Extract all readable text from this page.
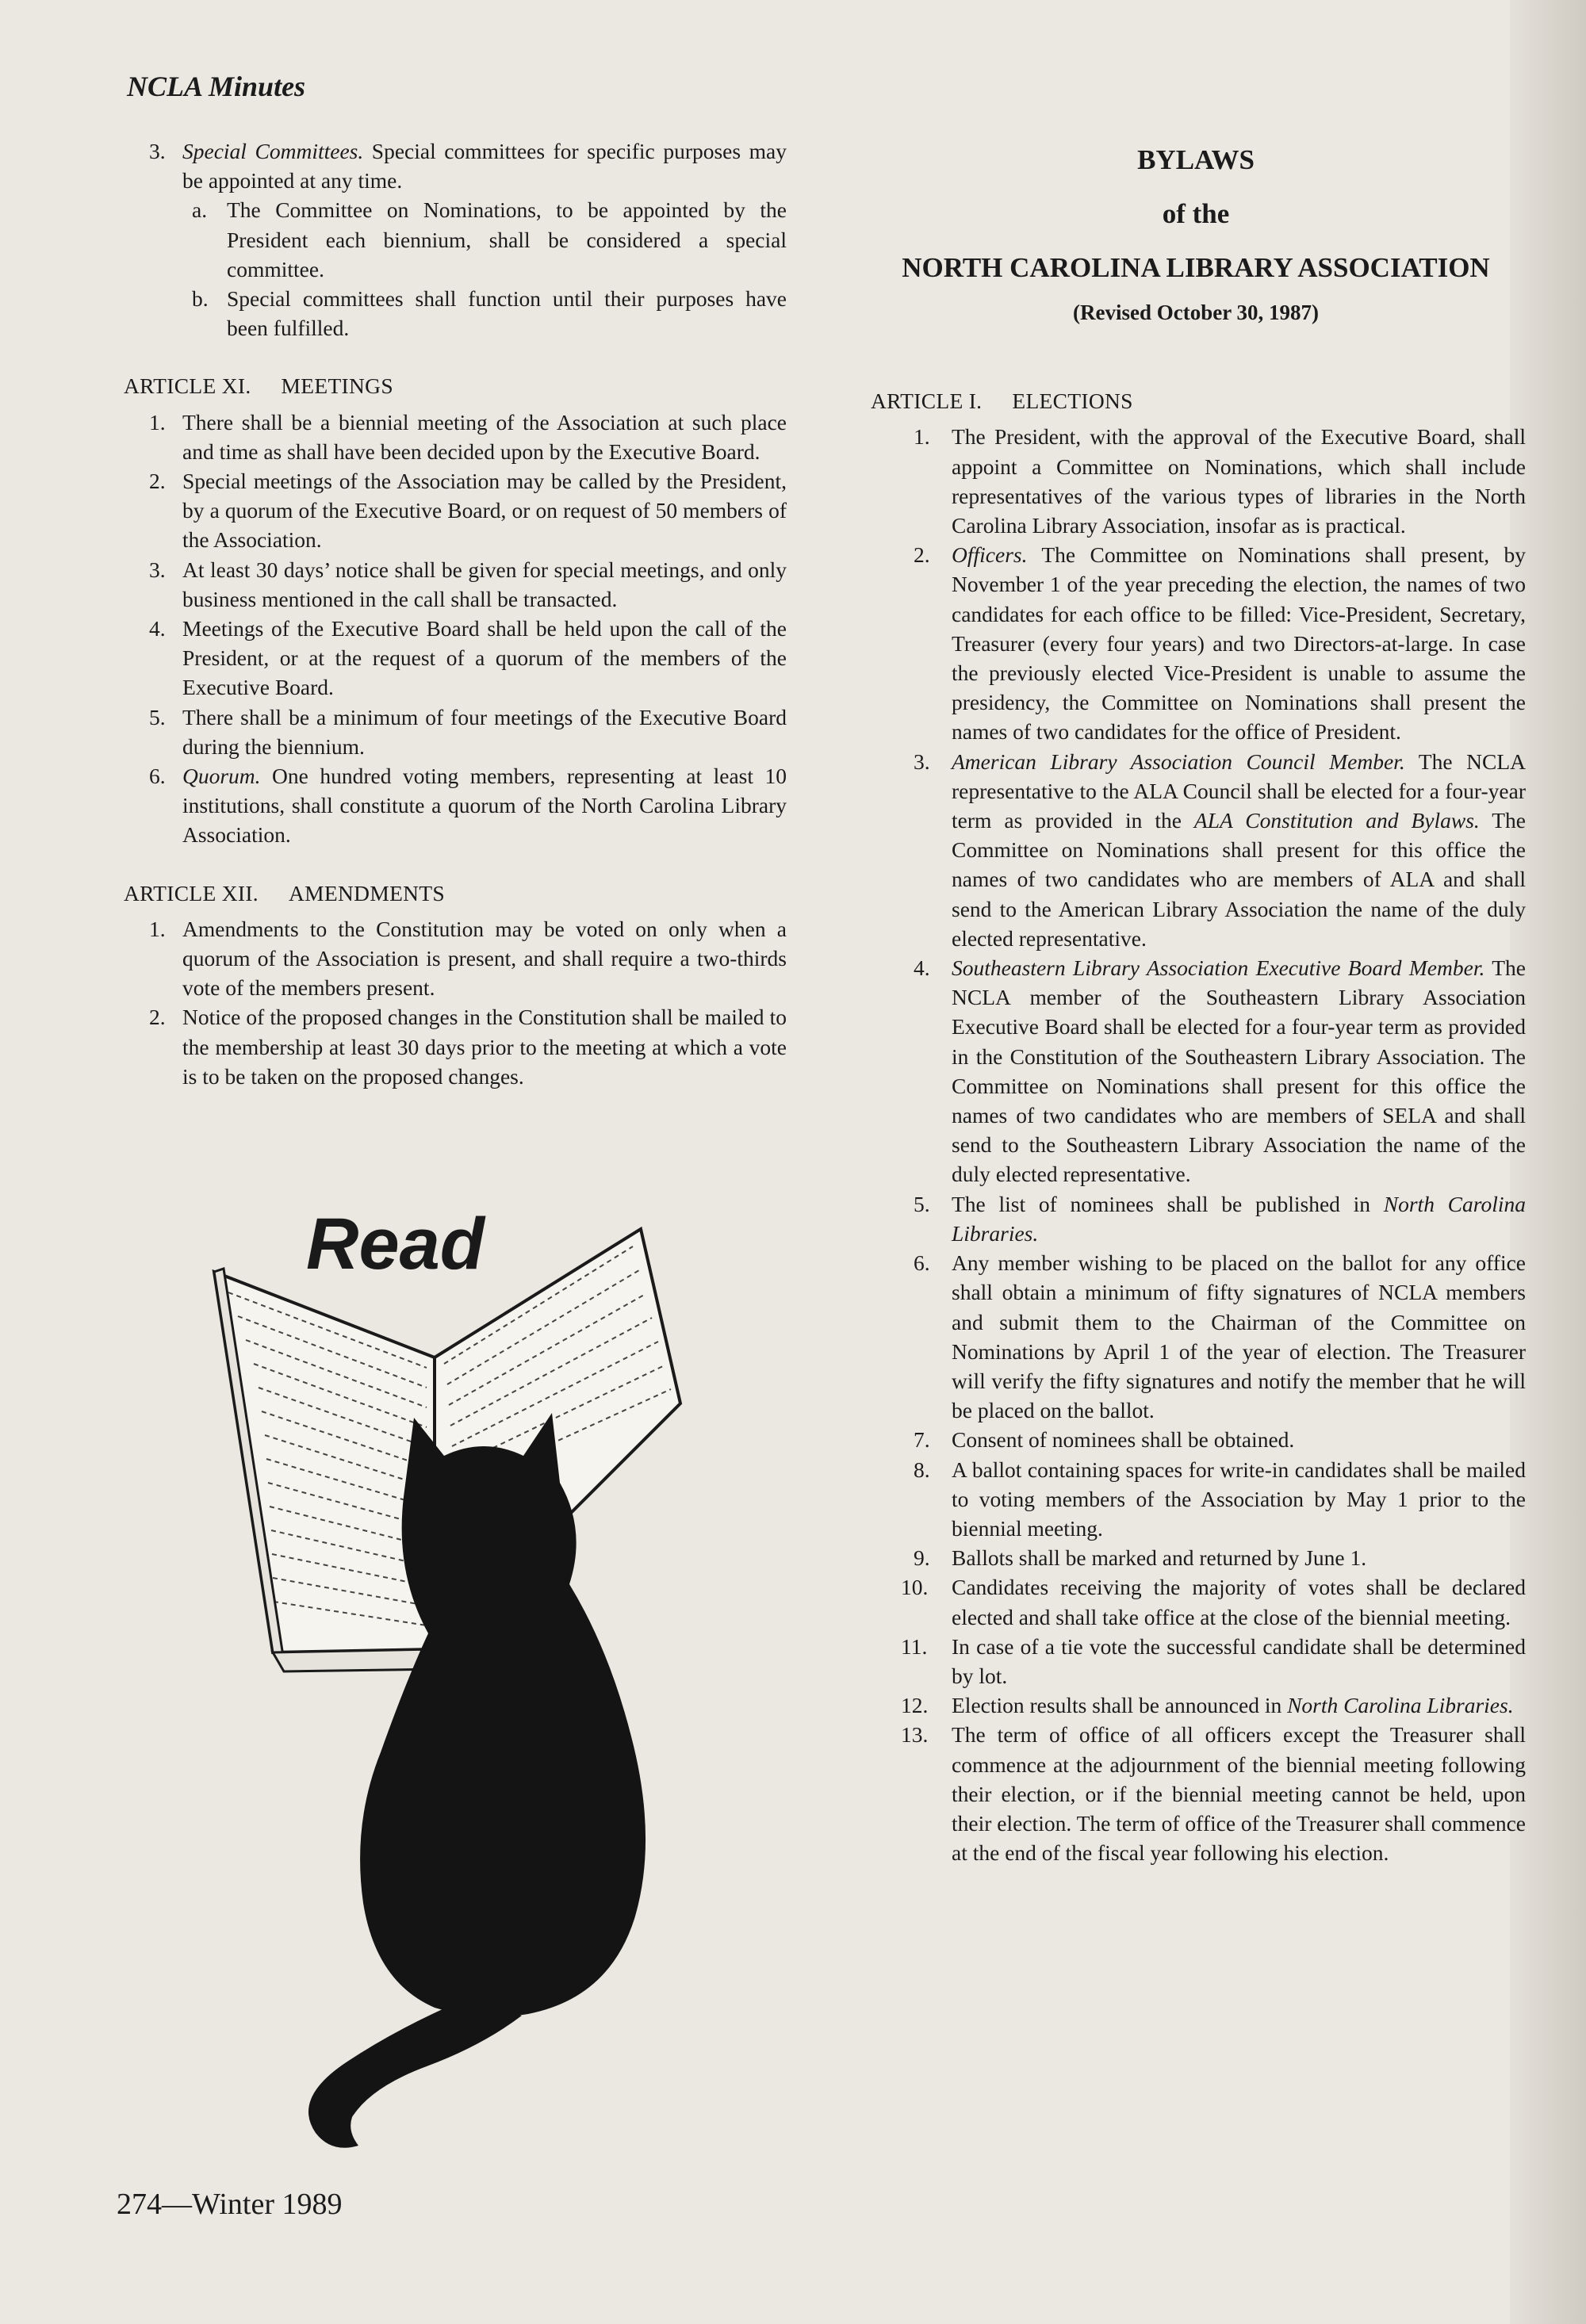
NCLA Minutes
3. Special Committees. Special committees for specific purposes may be appointed at any time.
a. The Committee on Nominations, to be appointed by the President each biennium, shall be considered a special committee.
b. Special committees shall function until their purposes have been fulfilled.
ARTICLE XI. MEETINGS
1. There shall be a biennial meeting of the Association at such place and time as shall have been decided upon by the Executive Board.
2. Special meetings of the Association may be called by the President, by a quorum of the Executive Board, or on request of 50 members of the Association.
3. At least 30 days’ notice shall be given for special meetings, and only business mentioned in the call shall be transacted.
4. Meetings of the Executive Board shall be held upon the call of the President, or at the request of a quorum of the members of the Executive Board.
5. There shall be a minimum of four meetings of the Executive Board during the biennium.
6. Quorum. One hundred voting members, representing at least 10 institutions, shall constitute a quorum of the North Carolina Library Association.
ARTICLE XII. AMENDMENTS
1. Amendments to the Constitution may be voted on only when a quorum of the Association is present, and shall require a two-thirds vote of the members present.
2. Notice of the proposed changes in the Constitution shall be mailed to the membership at least 30 days prior to the meeting at which a vote is to be taken on the proposed changes.
Read
BYLAWS
of the
NORTH CAROLINA LIBRARY ASSOCIATION
(Revised October 30, 1987)
ARTICLE I. ELECTIONS
1. The President, with the approval of the Executive Board, shall appoint a Committee on Nominations, which shall include representatives of the various types of libraries in the North Carolina Library Association, insofar as is practical.
2. Officers. The Committee on Nominations shall present, by November 1 of the year preceding the election, the names of two candidates for each office to be filled: Vice-President, Secretary, Treasurer (every four years) and two Directors-at-large. In case the previously elected Vice-President is unable to assume the presidency, the Committee on Nominations shall present the names of two candidates for the office of President.
3. American Library Association Council Member. The NCLA representative to the ALA Council shall be elected for a four-year term as provided in the ALA Constitution and Bylaws. The Committee on Nominations shall present for this office the names of two candidates who are members of ALA and shall send to the American Library Association the name of the duly elected representative.
4. Southeastern Library Association Executive Board Member. The NCLA member of the Southeastern Library Association Executive Board shall be elected for a four-year term as provided in the Constitution of the Southeastern Library Association. The Committee on Nominations shall present for this office the names of two candidates who are members of SELA and shall send to the Southeastern Library Association the name of the duly elected representative.
5. The list of nominees shall be published in North Carolina Libraries.
6. Any member wishing to be placed on the ballot for any office shall obtain a minimum of fifty signatures of NCLA members and submit them to the Chairman of the Committee on Nominations by April 1 of the year of election. The Treasurer will verify the fifty signatures and notify the member that he will be placed on the ballot.
7. Consent of nominees shall be obtained.
8. A ballot containing spaces for write-in candidates shall be mailed to voting members of the Association by May 1 prior to the biennial meeting.
9. Ballots shall be marked and returned by June 1.
10. Candidates receiving the majority of votes shall be declared elected and shall take office at the close of the biennial meeting.
11. In case of a tie vote the successful candidate shall be determined by lot.
12. Election results shall be announced in North Carolina Libraries.
13. The term of office of all officers except the Treasurer shall commence at the adjournment of the biennial meeting following their election, or if the biennial meeting cannot be held, upon their election. The term of office of the Treasurer shall commence at the end of the fiscal year following his election.
274—Winter 1989
